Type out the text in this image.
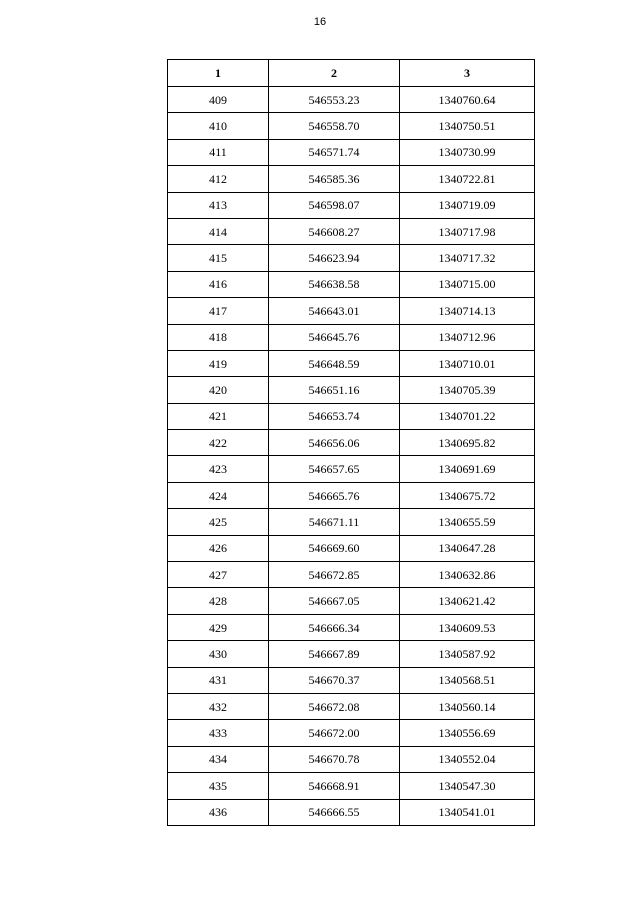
16
1	2	3
409	546553.23	1340760.64
410	546558.70	1340750.51
411	546571.74	1340730.99
412	546585.36	1340722.81
413	546598.07	1340719.09
414	546608.27	1340717.98
415	546623.94	1340717.32
416	546638.58	1340715.00
417	546643.01	1340714.13
418	546645.76	1340712.96
419	546648.59	1340710.01
420	546651.16	1340705.39
421	546653.74	1340701.22
422	546656.06	1340695.82
423	546657.65	1340691.69
424	546665.76	1340675.72
425	546671.11	1340655.59
426	546669.60	1340647.28
427	546672.85	1340632.86
428	546667.05	1340621.42
429	546666.34	1340609.53
430	546667.89	1340587.92
431	546670.37	1340568.51
432	546672.08	1340560.14
433	546672.00	1340556.69
434	546670.78	1340552.04
435	546668.91	1340547.30
436	546666.55	1340541.01
